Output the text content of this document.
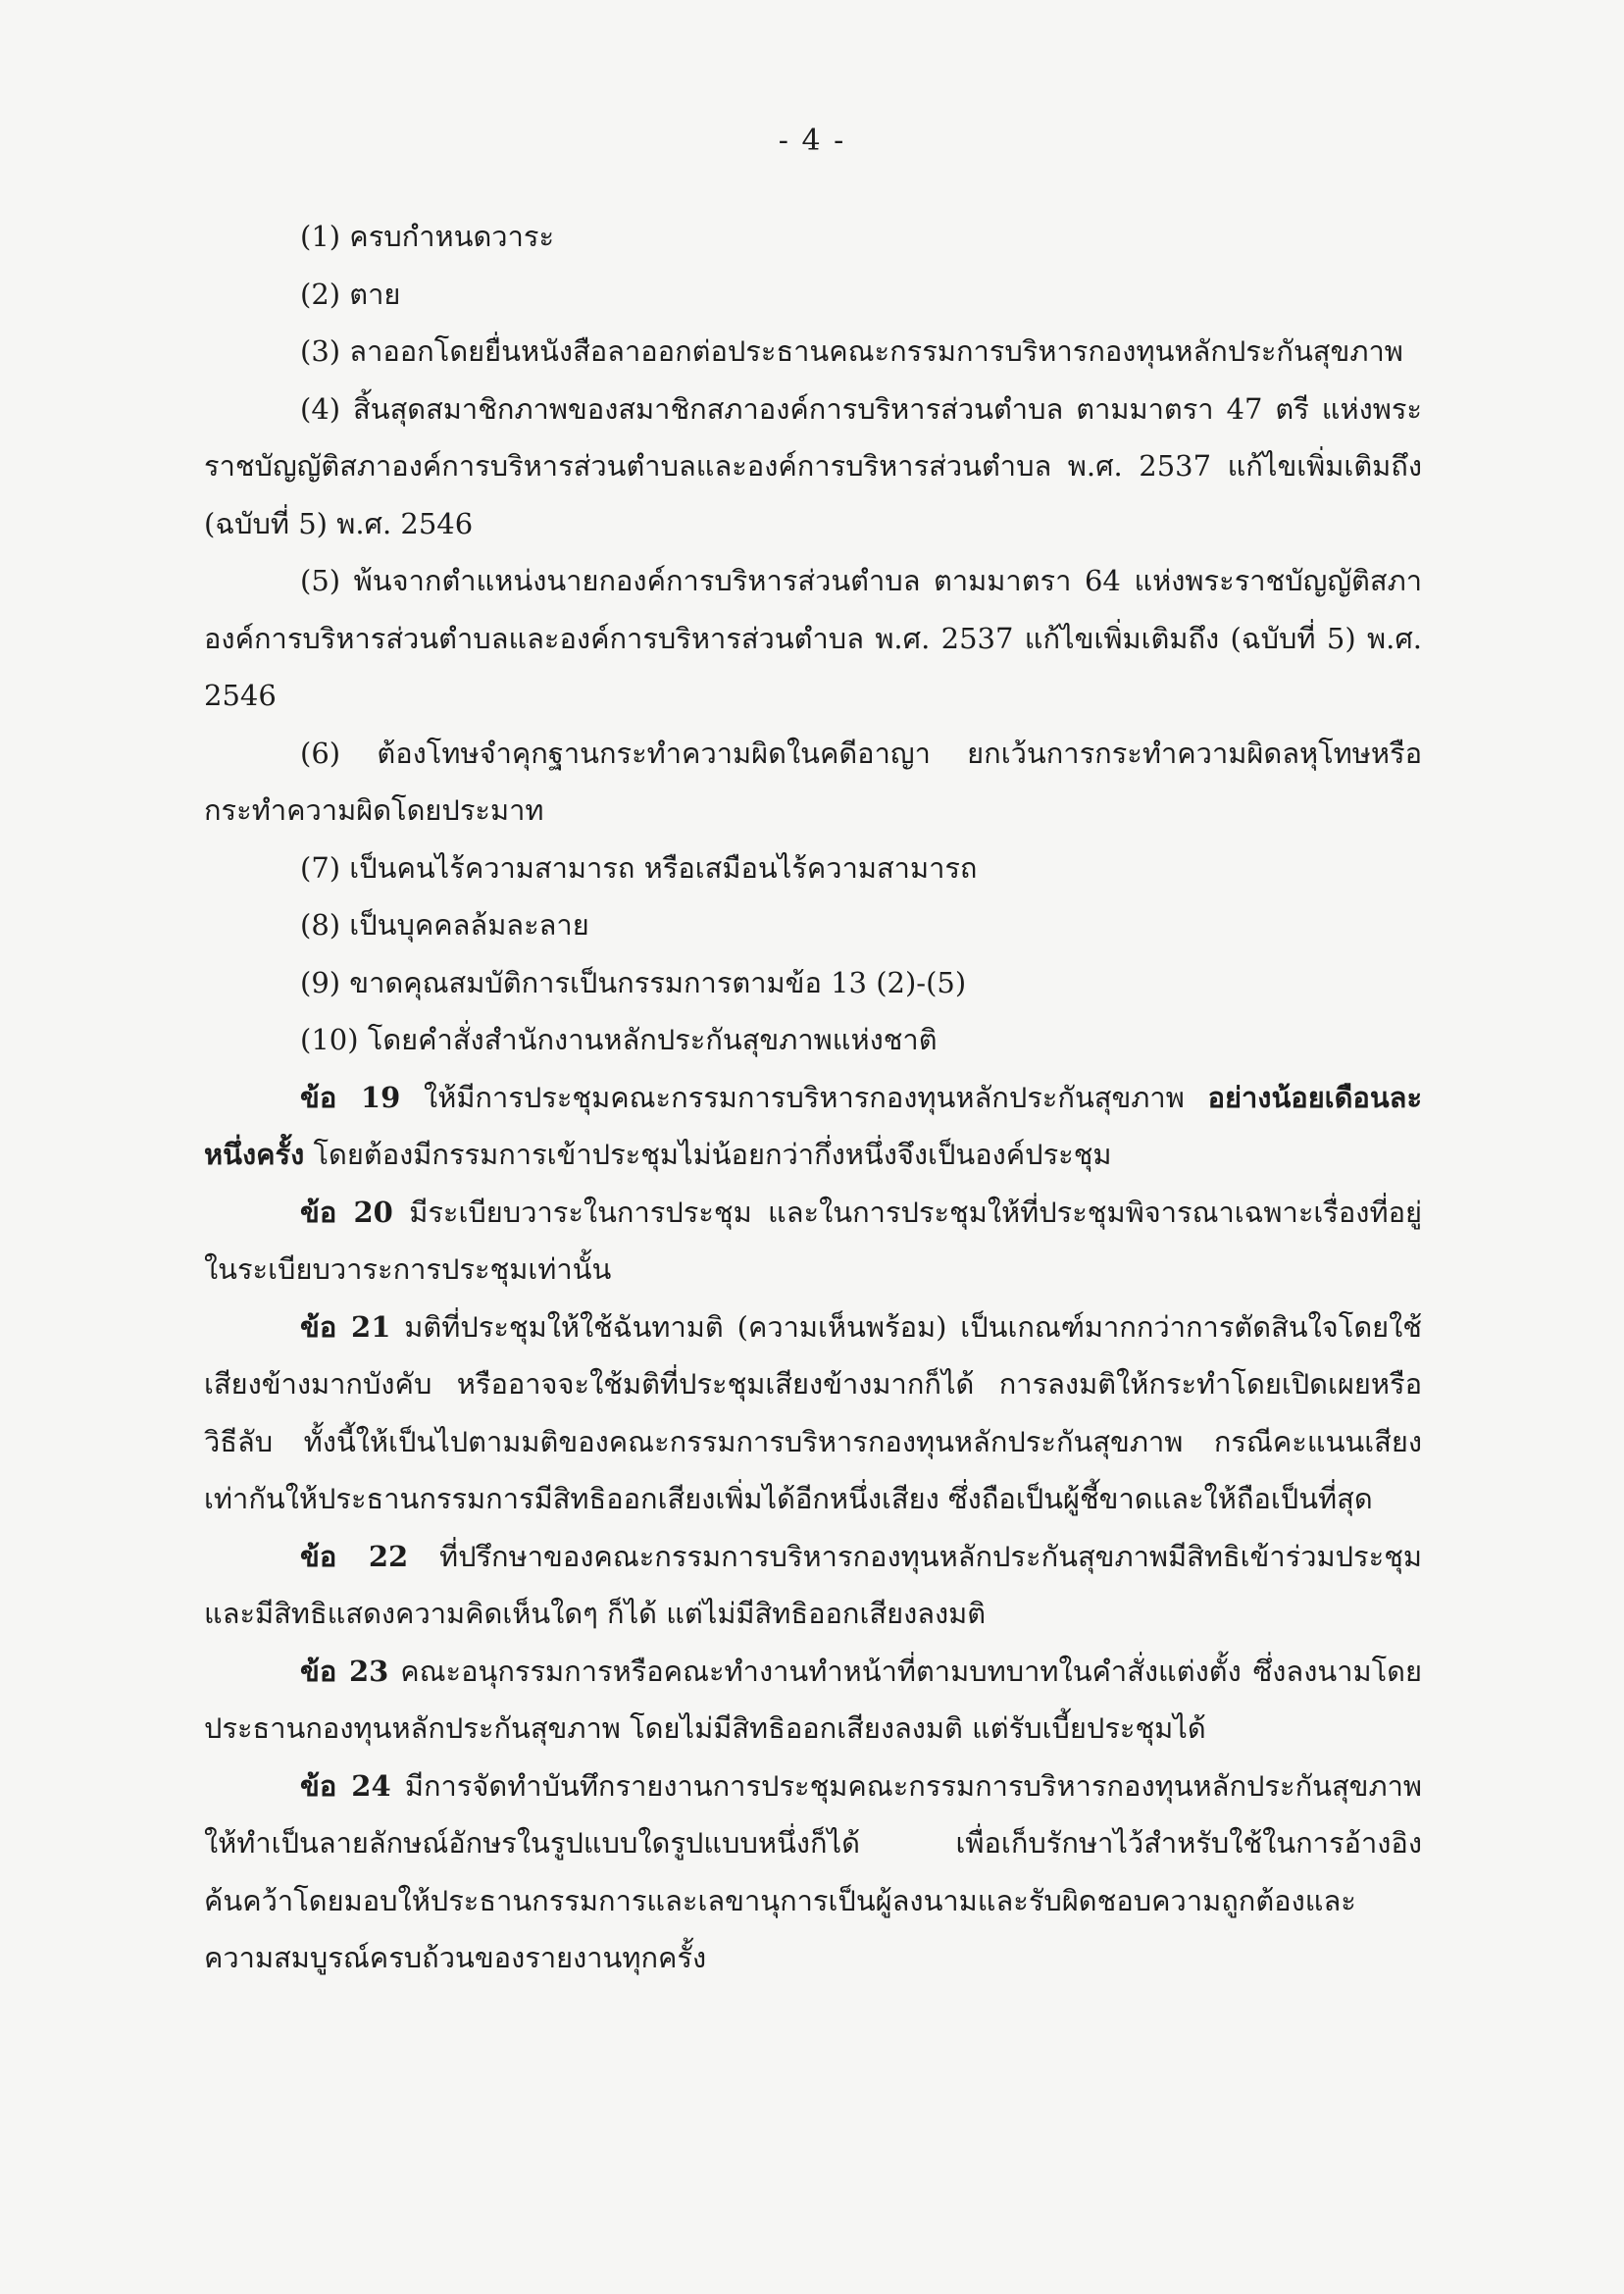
- 4 -

(1) ครบกำหนดวาระ

(2) ตาย

(3) ลาออกโดยยื่นหนังสือลาออกต่อประธานคณะกรรมการบริหารกองทุนหลักประกันสุขภาพ

(4) สิ้นสุดสมาชิกภาพของสมาชิกสภาองค์การบริหารส่วนตำบล ตามมาตรา 47 ตรี แห่งพระราชบัญญัติสภาองค์การบริหารส่วนตำบลและองค์การบริหารส่วนตำบล พ.ศ. 2537 แก้ไขเพิ่มเติมถึง (ฉบับที่ 5) พ.ศ. 2546

(5) พ้นจากตำแหน่งนายกองค์การบริหารส่วนตำบล ตามมาตรา 64 แห่งพระราชบัญญัติสภาองค์การบริหารส่วนตำบลและองค์การบริหารส่วนตำบล พ.ศ. 2537 แก้ไขเพิ่มเติมถึง (ฉบับที่ 5) พ.ศ. 2546

(6) ต้องโทษจำคุกฐานกระทำความผิดในคดีอาญา ยกเว้นการกระทำความผิดลหุโทษหรือกระทำความผิดโดยประมาท

(7) เป็นคนไร้ความสามารถ หรือเสมือนไร้ความสามารถ

(8) เป็นบุคคลล้มละลาย

(9) ขาดคุณสมบัติการเป็นกรรมการตามข้อ 13 (2)-(5)

(10) โดยคำสั่งสำนักงานหลักประกันสุขภาพแห่งชาติ

ข้อ 19 ให้มีการประชุมคณะกรรมการบริหารกองทุนหลักประกันสุขภาพ อย่างน้อยเดือนละหนึ่งครั้ง โดยต้องมีกรรมการเข้าประชุมไม่น้อยกว่ากึ่งหนึ่งจึงเป็นองค์ประชุม

ข้อ 20 มีระเบียบวาระในการประชุม และในการประชุมให้ที่ประชุมพิจารณาเฉพาะเรื่องที่อยู่ในระเบียบวาระการประชุมเท่านั้น

ข้อ 21 มติที่ประชุมให้ใช้ฉันทามติ (ความเห็นพร้อม) เป็นเกณฑ์มากกว่าการตัดสินใจโดยใช้เสียงข้างมากบังคับ หรืออาจจะใช้มติที่ประชุมเสียงข้างมากก็ได้ การลงมติให้กระทำโดยเปิดเผยหรือวิธีลับ ทั้งนี้ให้เป็นไปตามมติของคณะกรรมการบริหารกองทุนหลักประกันสุขภาพ กรณีคะแนนเสียงเท่ากันให้ประธานกรรมการมีสิทธิออกเสียงเพิ่มได้อีกหนึ่งเสียง ซึ่งถือเป็นผู้ชี้ขาดและให้ถือเป็นที่สุด

ข้อ 22 ที่ปรึกษาของคณะกรรมการบริหารกองทุนหลักประกันสุขภาพมีสิทธิเข้าร่วมประชุมและมีสิทธิแสดงความคิดเห็นใดๆ ก็ได้ แต่ไม่มีสิทธิออกเสียงลงมติ

ข้อ 23 คณะอนุกรรมการหรือคณะทำงานทำหน้าที่ตามบทบาทในคำสั่งแต่งตั้ง ซึ่งลงนามโดยประธานกองทุนหลักประกันสุขภาพ โดยไม่มีสิทธิออกเสียงลงมติ แต่รับเบี้ยประชุมได้

ข้อ 24 มีการจัดทำบันทึกรายงานการประชุมคณะกรรมการบริหารกองทุนหลักประกันสุขภาพให้ทำเป็นลายลักษณ์อักษรในรูปแบบใดรูปแบบหนึ่งก็ได้ เพื่อเก็บรักษาไว้สำหรับใช้ในการอ้างอิงค้นคว้าโดยมอบให้ประธานกรรมการและเลขานุการเป็นผู้ลงนามและรับผิดชอบความถูกต้องและความสมบูรณ์ครบถ้วนของรายงานทุกครั้ง
